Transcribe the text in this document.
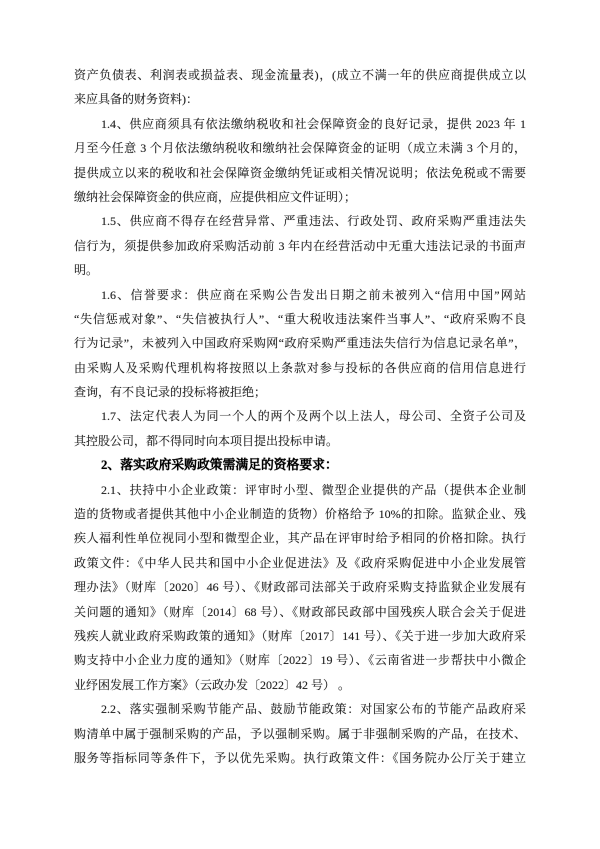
资产负债表、利润表或损益表、现金流量表)，(成立不满一年的供应商提供成立以
来应具备的财务资料)：
1.4、供应商须具有依法缴纳税收和社会保障资金的良好记录，提供 2023 年 1
月至今任意 3 个月依法缴纳税收和缴纳社会保障资金的证明（成立未满 3 个月的，
提供成立以来的税收和社会保障资金缴纳凭证或相关情况说明；依法免税或不需要
缴纳社会保障资金的供应商，应提供相应文件证明）；
1.5、供应商不得存在经营异常、严重违法、行政处罚、政府采购严重违法失
信行为，须提供参加政府采购活动前 3 年内在经营活动中无重大违法记录的书面声
明。
1.6、信誉要求：供应商在采购公告发出日期之前未被列入“信用中国”网站
“失信惩戒对象”、“失信被执行人”、“重大税收违法案件当事人”、“政府采购不良
行为记录”，未被列入中国政府采购网“政府采购严重违法失信行为信息记录名单”，
由采购人及采购代理机构将按照以上条款对参与投标的各供应商的信用信息进行
查询，有不良记录的投标将被拒绝；
1.7、法定代表人为同一个人的两个及两个以上法人，母公司、全资子公司及
其控股公司，都不得同时向本项目提出投标申请。
2、落实政府采购政策需满足的资格要求：
2.1、扶持中小企业政策：评审时小型、微型企业提供的产品（提供本企业制
造的货物或者提供其他中小企业制造的货物）价格给予 10%的扣除。监狱企业、残
疾人福利性单位视同小型和微型企业，其产品在评审时给予相同的价格扣除。执行
政策文件：《中华人民共和国中小企业促进法》及《政府采购促进中小企业发展管
理办法》（财库〔2020〕46 号）、《财政部司法部关于政府采购支持监狱企业发展有
关问题的通知》（财库〔2014〕68 号）、《财政部民政部中国残疾人联合会关于促进
残疾人就业政府采购政策的通知》（财库〔2017〕141 号）、《关于进一步加大政府采
购支持中小企业力度的通知》（财库〔2022〕19 号）、《云南省进一步帮扶中小微企
业纾困发展工作方案》（云政办发〔2022〕42 号） 。
2.2、落实强制采购节能产品、鼓励节能政策：对国家公布的节能产品政府采
购清单中属于强制采购的产品，予以强制采购。属于非强制采购的产品，在技术、
服务等指标同等条件下，予以优先采购。执行政策文件：《国务院办公厅关于建立
